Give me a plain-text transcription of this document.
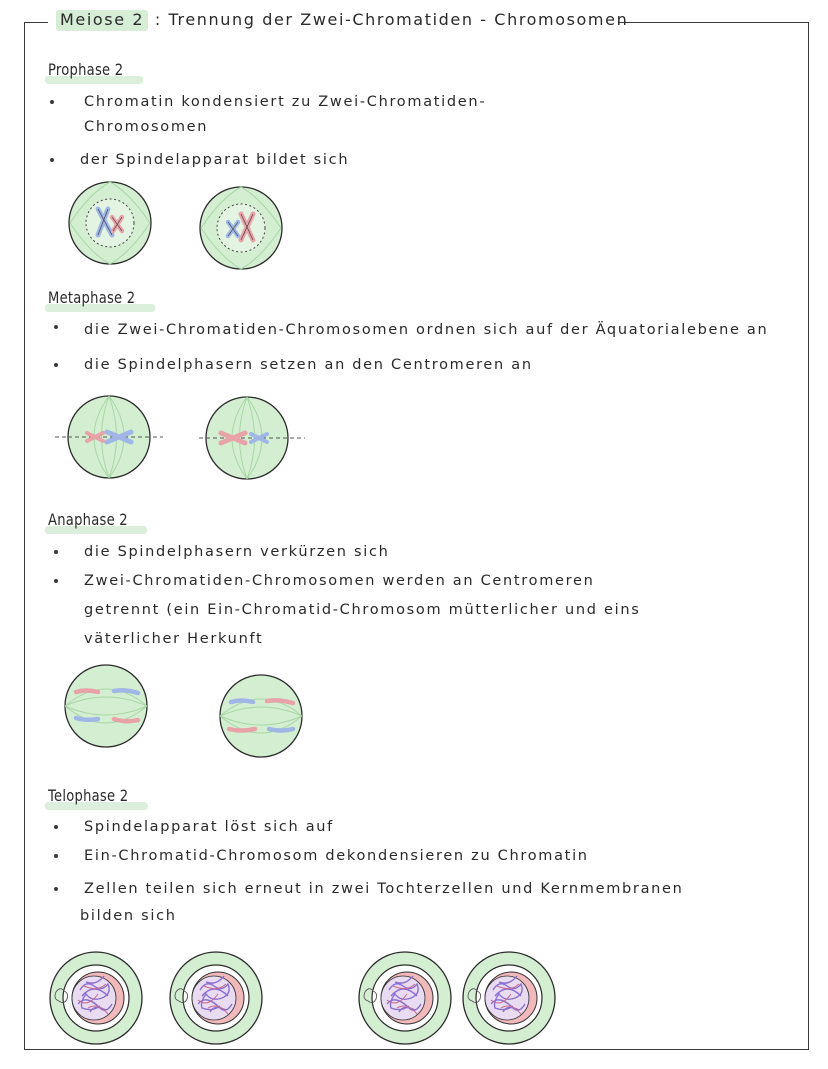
Meiose 2 : Trennung der Zwei-Chromatiden - Chromosomen
Prophase 2
Chromatin kondensiert zu Zwei-Chromatiden-
Chromosomen
der Spindelapparat bildet sich
Metaphase 2
die Zwei-Chromatiden-Chromosomen ordnen sich auf der Äquatorialebene an
die Spindelphasern setzen an den Centromeren an
Anaphase 2
die Spindelphasern verkürzen sich
Zwei-Chromatiden-Chromosomen werden an Centromeren
getrennt (ein Ein-Chromatid-Chromosom mütterlicher und eins
väterlicher Herkunft
Telophase 2
Spindelapparat löst sich auf
Ein-Chromatid-Chromosom dekondensieren zu Chromatin
Zellen teilen sich erneut in zwei Tochterzellen und Kernmembranen
bilden sich
